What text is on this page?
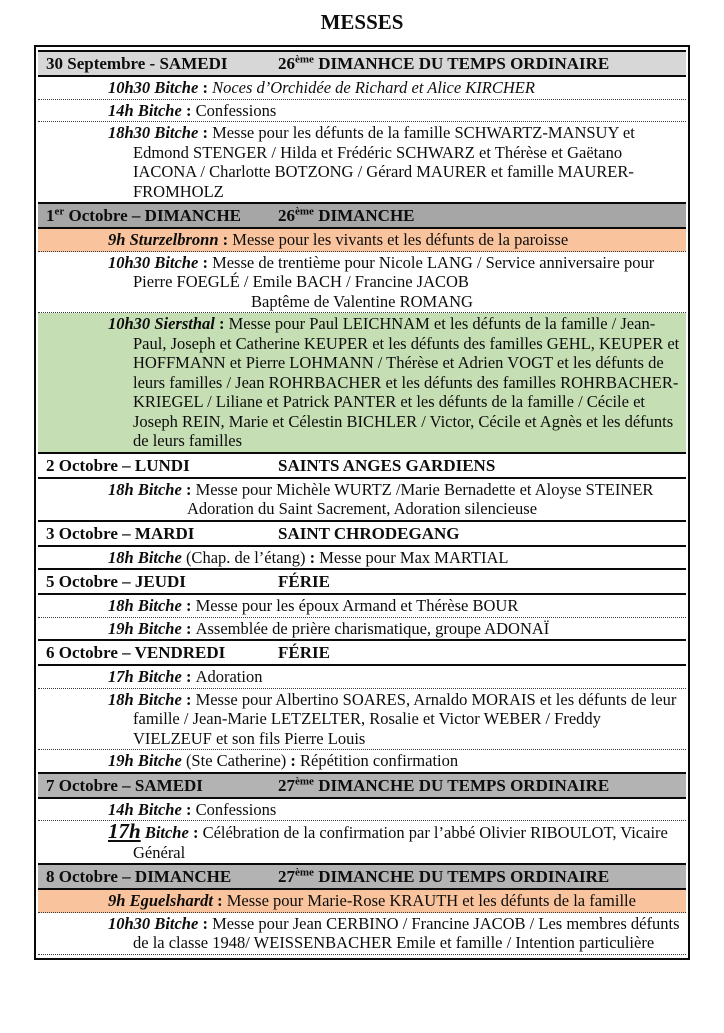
MESSES
30 Septembre - SAMEDI	26ème DIMANHCE DU TEMPS ORDINAIRE
10h30 Bitche : Noces d’Orchidée de Richard et Alice KIRCHER
14h Bitche : Confessions
18h30 Bitche : Messe pour les défunts de la famille SCHWARTZ-MANSUY et Edmond STENGER / Hilda et Frédéric SCHWARZ et Thérèse et Gaëtano IACONA / Charlotte BOTZONG / Gérard MAURER et famille MAURER-FROMHOLZ
1er Octobre – DIMANCHE	26ème DIMANCHE
9h Sturzelbronn : Messe pour les vivants et les défunts de la paroisse
10h30 Bitche : Messe de trentième pour Nicole LANG / Service anniversaire pour Pierre FOEGLÉ / Emile BACH / Francine JACOB
Baptême de Valentine ROMANG
10h30 Siersthal : Messe pour Paul LEICHNAM et les défunts de la famille / Jean-Paul, Joseph et Catherine KEUPER et les défunts des familles GEHL, KEUPER et HOFFMANN et Pierre LOHMANN / Thérèse et Adrien VOGT et les défunts de leurs familles / Jean ROHRBACHER et les défunts des familles ROHRBACHER-KRIEGEL / Liliane et Patrick PANTER et les défunts de la famille / Cécile et Joseph REIN, Marie et Célestin BICHLER / Victor, Cécile et Agnès et les défunts de leurs familles
2 Octobre – LUNDI	SAINTS ANGES GARDIENS
18h Bitche : Messe pour Michèle WURTZ /Marie Bernadette et Aloyse STEINER
Adoration du Saint Sacrement, Adoration silencieuse
3 Octobre – MARDI	SAINT CHRODEGANG
18h Bitche (Chap. de l’étang) : Messe pour Max MARTIAL
5 Octobre – JEUDI	FÉRIE
18h Bitche : Messe pour les époux Armand et Thérèse BOUR
19h Bitche : Assemblée de prière charismatique, groupe ADONAÏ
6 Octobre – VENDREDI	FÉRIE
17h Bitche : Adoration
18h Bitche : Messe pour Albertino SOARES, Arnaldo MORAIS et les défunts de leur famille / Jean-Marie LETZELTER, Rosalie et Victor WEBER / Freddy VIELZEUF et son fils Pierre Louis
19h Bitche (Ste Catherine) : Répétition confirmation
7 Octobre – SAMEDI	27ème DIMANCHE DU TEMPS ORDINAIRE
14h Bitche : Confessions
17h Bitche : Célébration de la confirmation par l’abbé Olivier RIBOULOT, Vicaire Général
8 Octobre – DIMANCHE	27ème DIMANCHE DU TEMPS ORDINAIRE
9h Eguelshardt : Messe pour Marie-Rose KRAUTH et les défunts de la famille
10h30 Bitche : Messe pour Jean CERBINO / Francine JACOB / Les membres défunts de la classe 1948/ WEISSENBACHER Emile et famille / Intention particulière
